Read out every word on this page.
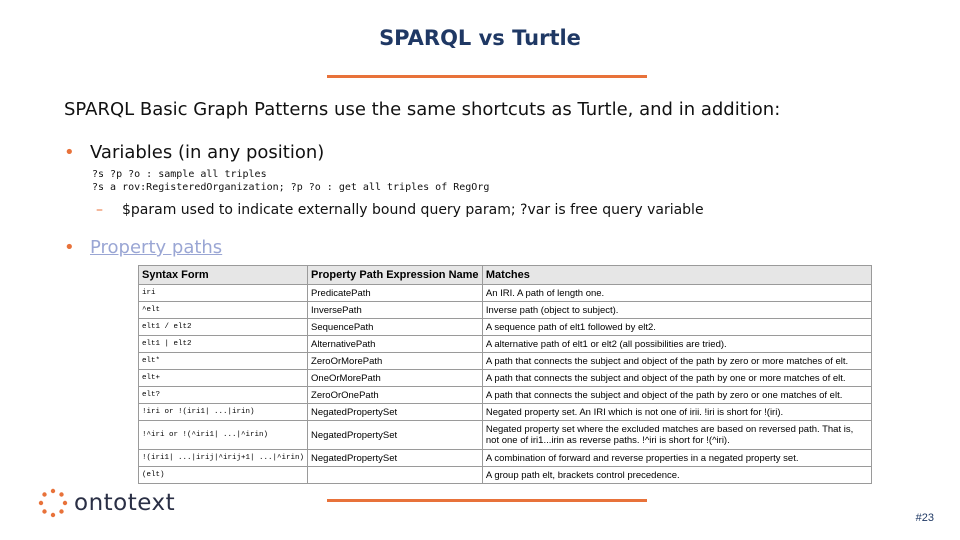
SPARQL vs Turtle
SPARQL Basic Graph Patterns use the same shortcuts as Turtle, and in addition:
• Variables (in any position)
?s ?p ?o : sample all triples
?s a rov:RegisteredOrganization; ?p ?o : get all triples of RegOrg
– $param used to indicate externally bound query param; ?var is free query variable
• Property paths
Syntax Form	Property Path Expression Name	Matches
iri	PredicatePath	An IRI. A path of length one.
^elt	InversePath	Inverse path (object to subject).
elt1 / elt2	SequencePath	A sequence path of elt1 followed by elt2.
elt1 | elt2	AlternativePath	A alternative path of elt1 or elt2 (all possibilities are tried).
elt*	ZeroOrMorePath	A path that connects the subject and object of the path by zero or more matches of elt.
elt+	OneOrMorePath	A path that connects the subject and object of the path by one or more matches of elt.
elt?	ZeroOrOnePath	A path that connects the subject and object of the path by zero or one matches of elt.
!iri or !(iri1| ...|irin)	NegatedPropertySet	Negated property set. An IRI which is not one of irii. !iri is short for !(iri).
!^iri or !(^iri1| ...|^irin)	NegatedPropertySet	Negated property set where the excluded matches are based on reversed path. That is, not one of iri1...irin as reverse paths. !^iri is short for !(^iri).
!(iri1| ...|irij|^irij+1| ...|^irin)	NegatedPropertySet	A combination of forward and reverse properties in a negated property set.
(elt)		A group path elt, brackets control precedence.
ontotext
#23
